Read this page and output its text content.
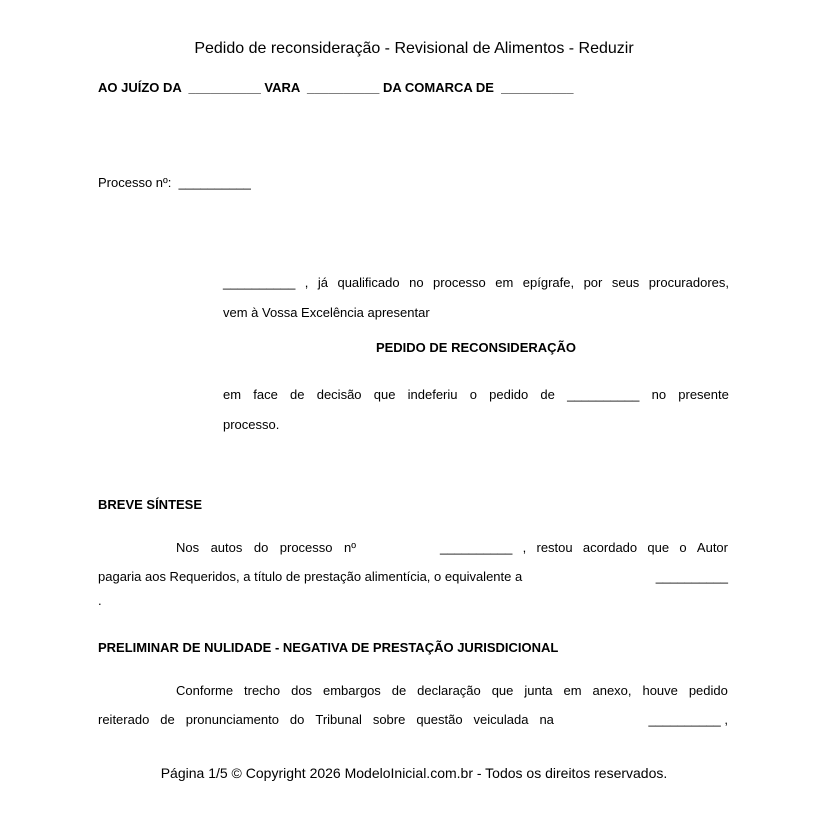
Pedido de reconsideração - Revisional de Alimentos - Reduzir
AO JUÍZO DA  __________ VARA  __________ DA COMARCA DE  __________
Processo nº:  __________
__________ , já qualificado no processo em epígrafe, por seus procuradores,
vem à Vossa Excelência apresentar
PEDIDO DE RECONSIDERAÇÃO
em face de decisão que indeferiu o pedido de __________ no presente
processo.
BREVE SÍNTESE
Nos autos do processo nº	__________ , restou acordado que o Autor
pagaria aos Requeridos, a título de prestação alimentícia, o equivalente a	__________
.
PRELIMINAR DE NULIDADE - NEGATIVA DE PRESTAÇÃO JURISDICIONAL
Conforme trecho dos embargos de declaração que junta em anexo, houve pedido
reiterado de pronunciamento do Tribunal sobre questão veiculada na	__________ ,
Página 1/5 © Copyright 2026 ModeloInicial.com.br - Todos os direitos reservados.
